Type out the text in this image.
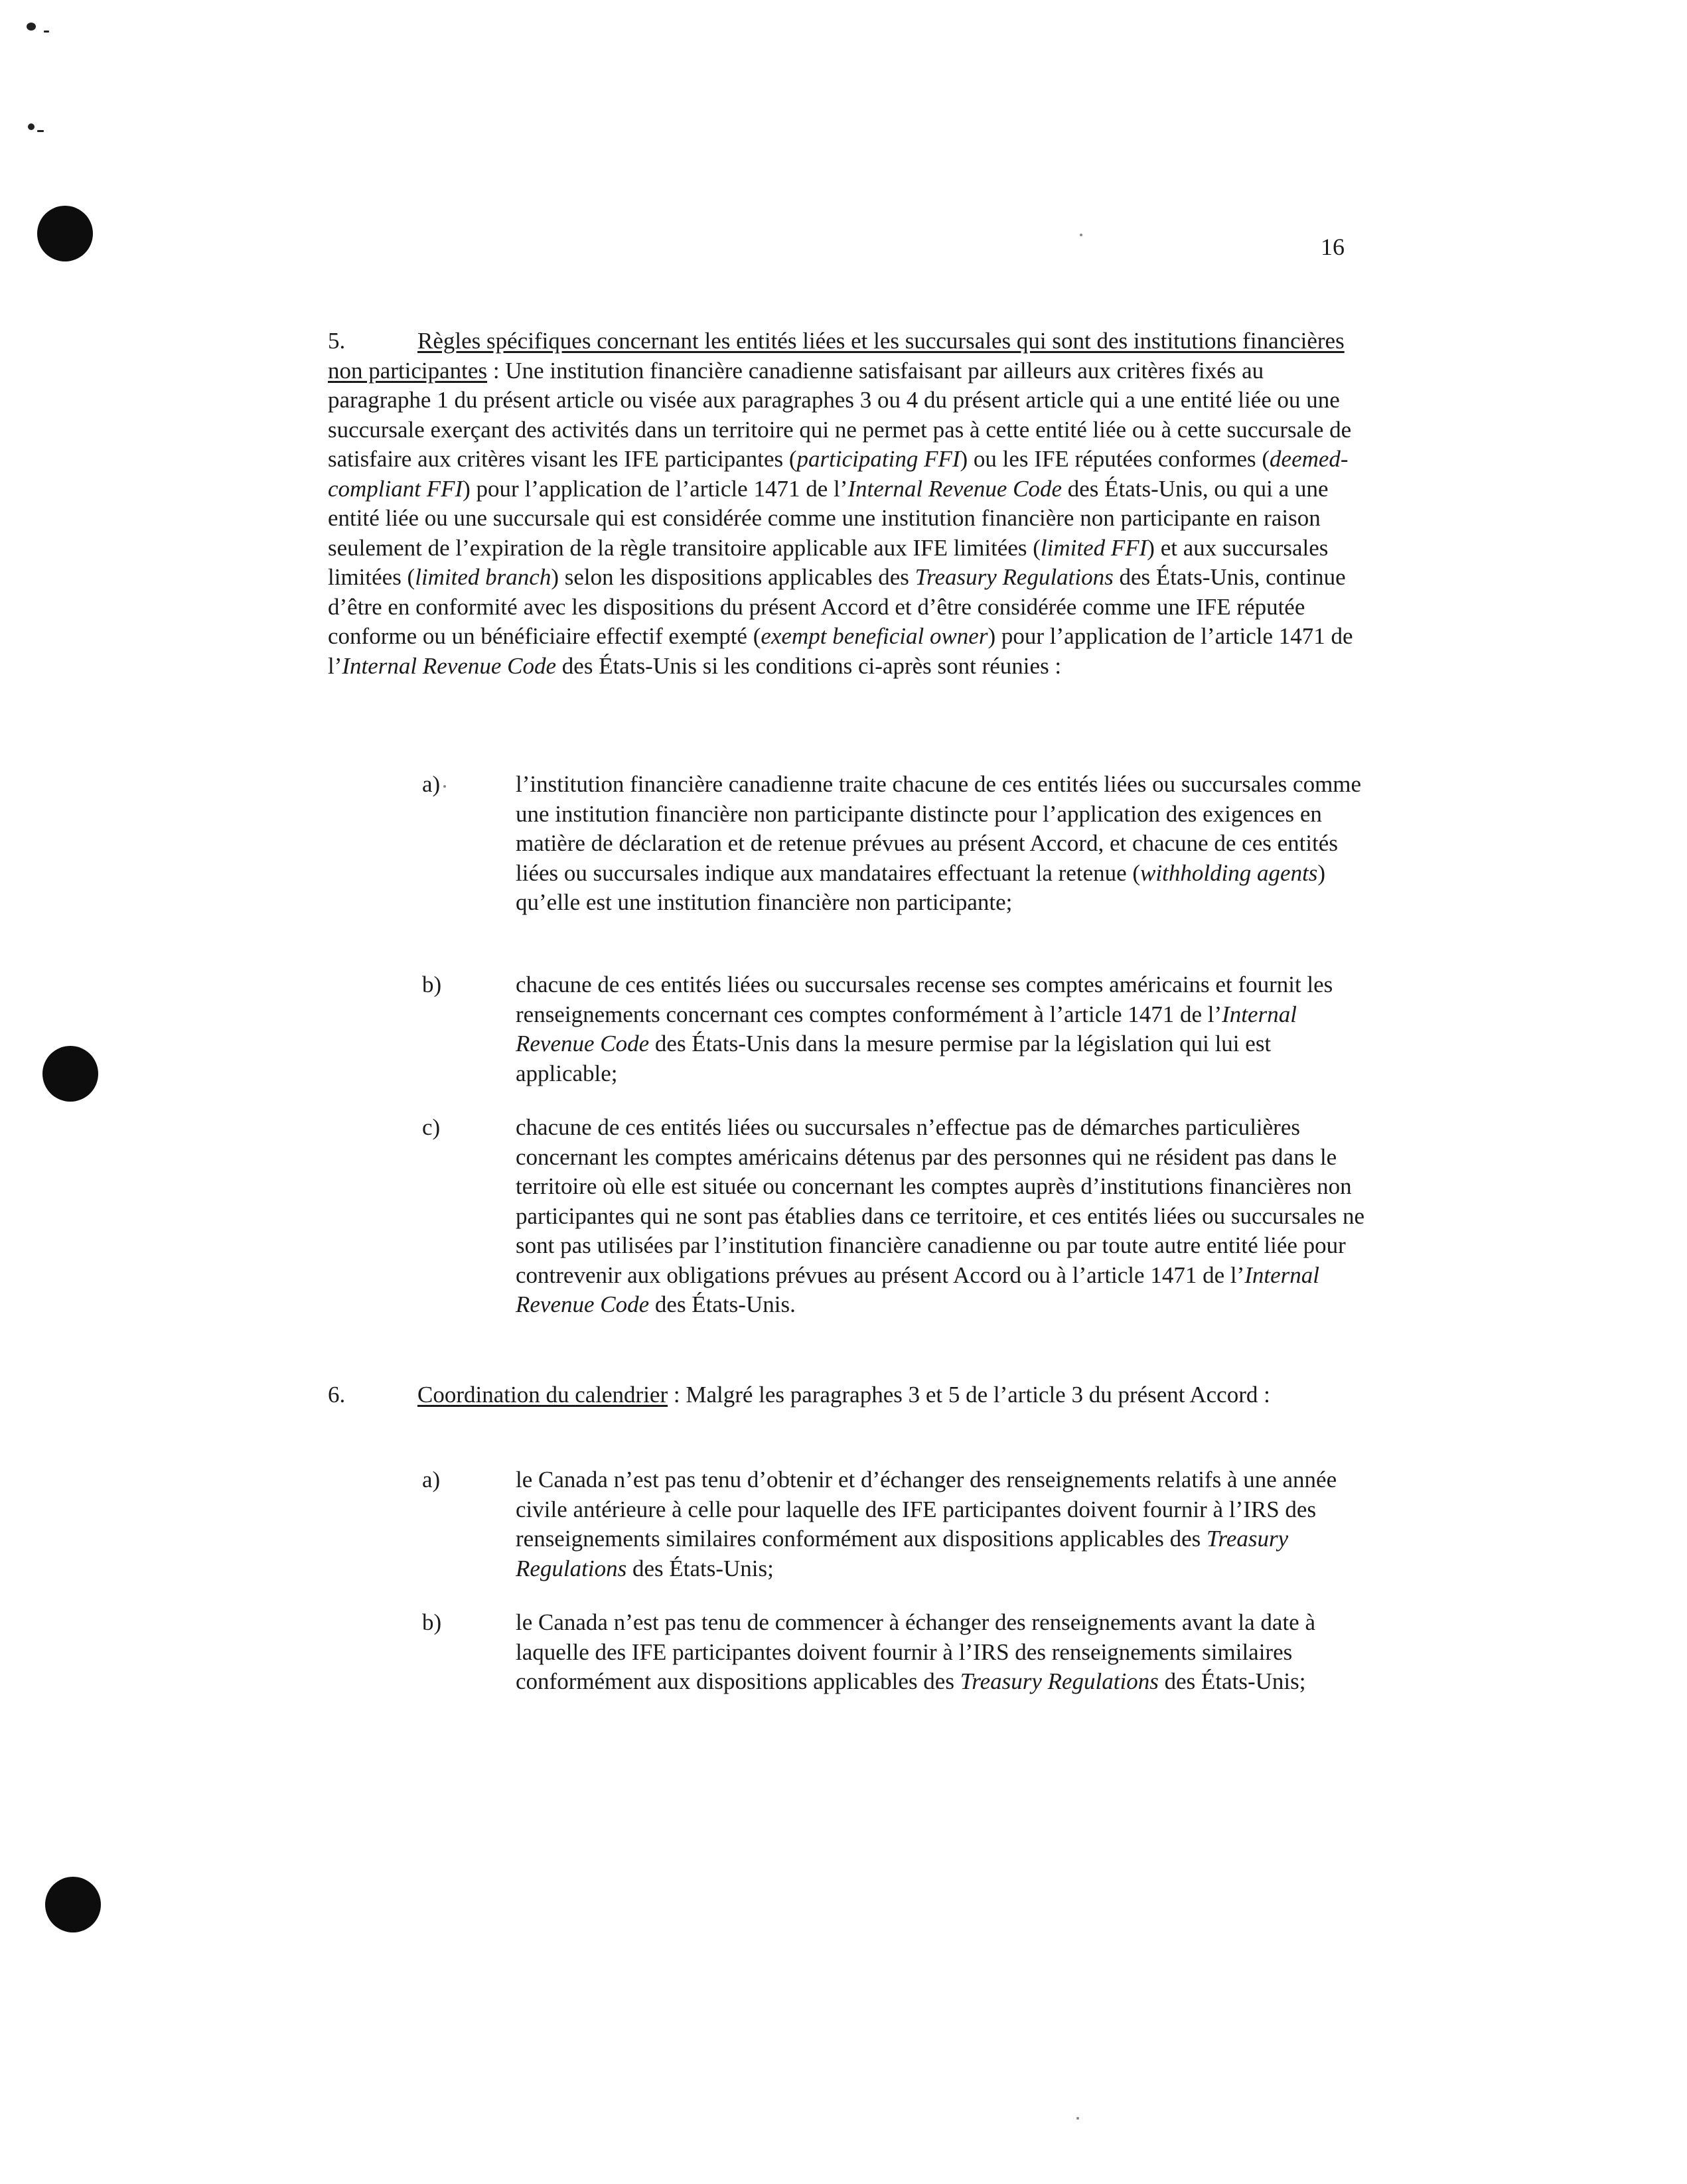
16
5.	Règles spécifiques concernant les entités liées et les succursales qui sont des institutions financières non participantes : Une institution financière canadienne satisfaisant par ailleurs aux critères fixés au paragraphe 1 du présent article ou visée aux paragraphes 3 ou 4 du présent article qui a une entité liée ou une succursale exerçant des activités dans un territoire qui ne permet pas à cette entité liée ou à cette succursale de satisfaire aux critères visant les IFE participantes (participating FFI) ou les IFE réputées conformes (deemed-compliant FFI) pour l’application de l’article 1471 de l’Internal Revenue Code des États-Unis, ou qui a une entité liée ou une succursale qui est considérée comme une institution financière non participante en raison seulement de l’expiration de la règle transitoire applicable aux IFE limitées (limited FFI) et aux succursales limitées (limited branch) selon les dispositions applicables des Treasury Regulations des États-Unis, continue d’être en conformité avec les dispositions du présent Accord et d’être considérée comme une IFE réputée conforme ou un bénéficiaire effectif exempté (exempt beneficial owner) pour l’application de l’article 1471 de l’Internal Revenue Code des États-Unis si les conditions ci-après sont réunies :
a)	l’institution financière canadienne traite chacune de ces entités liées ou succursales comme une institution financière non participante distincte pour l’application des exigences en matière de déclaration et de retenue prévues au présent Accord, et chacune de ces entités liées ou succursales indique aux mandataires effectuant la retenue (withholding agents) qu’elle est une institution financière non participante;
b)	chacune de ces entités liées ou succursales recense ses comptes américains et fournit les renseignements concernant ces comptes conformément à l’article 1471 de l’Internal Revenue Code des États-Unis dans la mesure permise par la législation qui lui est applicable;
c)	chacune de ces entités liées ou succursales n’effectue pas de démarches particulières concernant les comptes américains détenus par des personnes qui ne résident pas dans le territoire où elle est située ou concernant les comptes auprès d’institutions financières non participantes qui ne sont pas établies dans ce territoire, et ces entités liées ou succursales ne sont pas utilisées par l’institution financière canadienne ou par toute autre entité liée pour contrevenir aux obligations prévues au présent Accord ou à l’article 1471 de l’Internal Revenue Code des États-Unis.
6.	Coordination du calendrier : Malgré les paragraphes 3 et 5 de l’article 3 du présent Accord :
a)	le Canada n’est pas tenu d’obtenir et d’échanger des renseignements relatifs à une année civile antérieure à celle pour laquelle des IFE participantes doivent fournir à l’IRS des renseignements similaires conformément aux dispositions applicables des Treasury Regulations des États-Unis;
b)	le Canada n’est pas tenu de commencer à échanger des renseignements avant la date à laquelle des IFE participantes doivent fournir à l’IRS des renseignements similaires conformément aux dispositions applicables des Treasury Regulations des États-Unis;
